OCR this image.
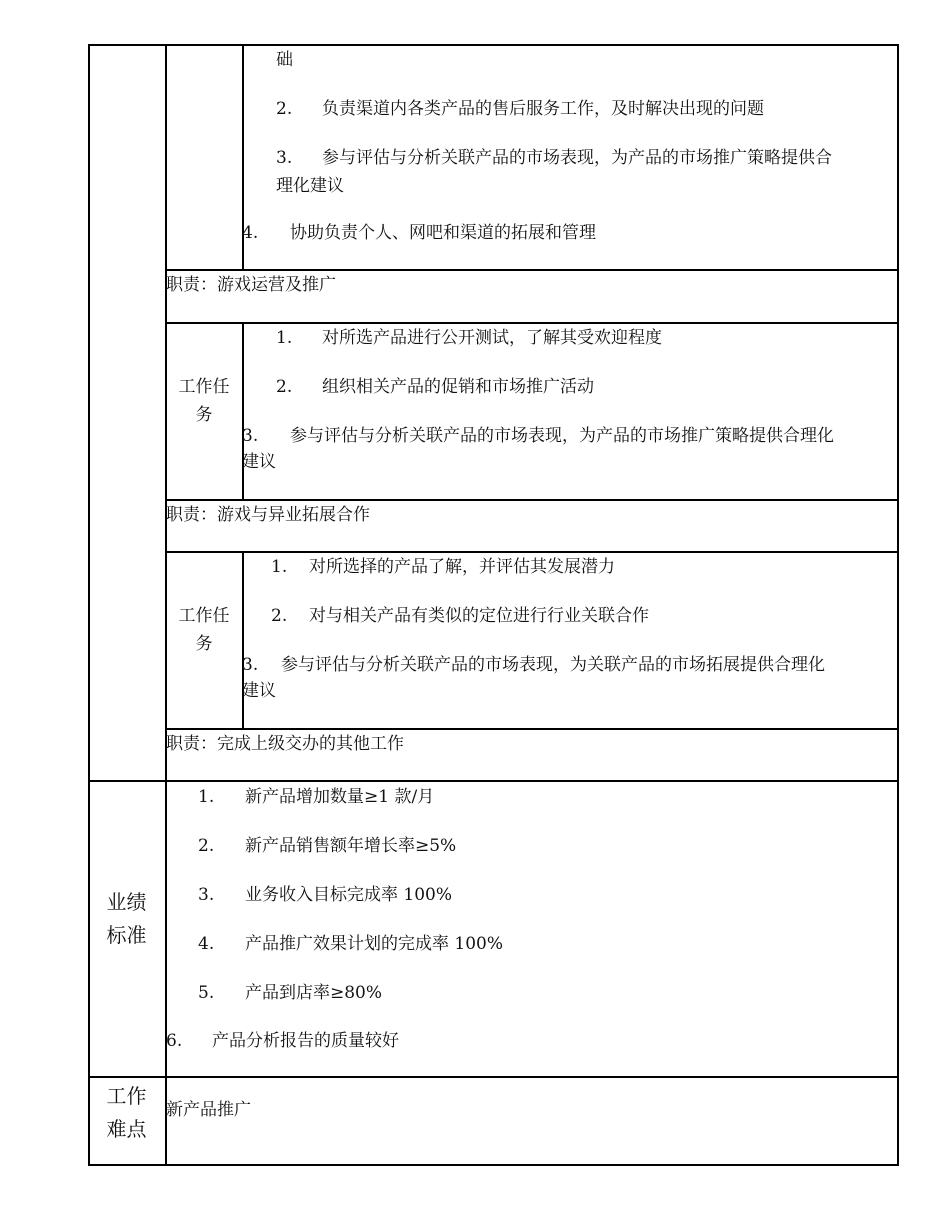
础
2. 负责渠道内各类产品的售后服务工作，及时解决出现的问题
3. 参与评估与分析关联产品的市场表现，为产品的市场推广策略提供合
理化建议
4. 协助负责个人、网吧和渠道的拓展和管理
职责：游戏运营及推广
工作任
务
1. 对所选产品进行公开测试，了解其受欢迎程度
2. 组织相关产品的促销和市场推广活动
3. 参与评估与分析关联产品的市场表现，为产品的市场推广策略提供合理化
建议
职责：游戏与异业拓展合作
工作任
务
1. 对所选择的产品了解，并评估其发展潜力
2. 对与相关产品有类似的定位进行行业关联合作
3. 参与评估与分析关联产品的市场表现，为关联产品的市场拓展提供合理化
建议
职责：完成上级交办的其他工作
业绩
标准
1. 新产品增加数量≥1 款/月
2. 新产品销售额年增长率≥5%
3. 业务收入目标完成率 100%
4. 产品推广效果计划的完成率 100%
5. 产品到店率≥80%
6. 产品分析报告的质量较好
工作
难点
新产品推广
